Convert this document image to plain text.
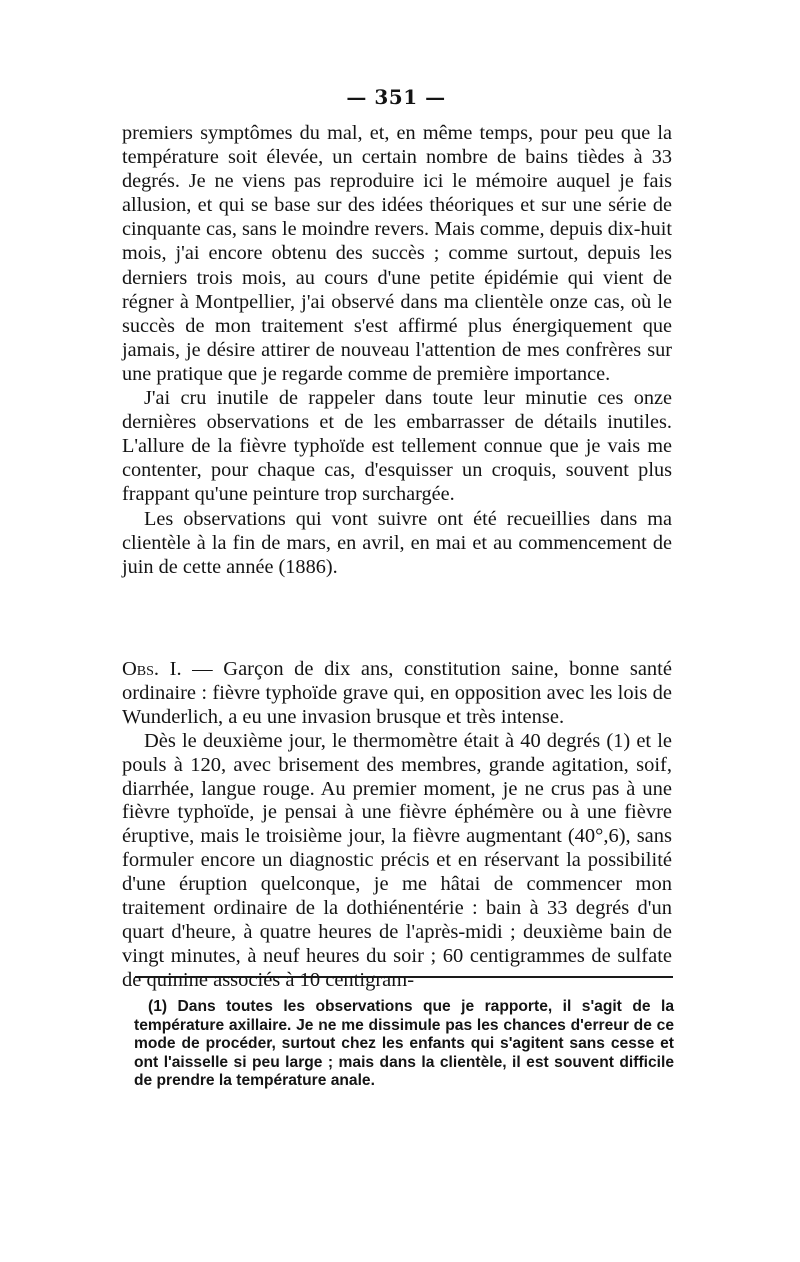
— 351 —

premiers symptômes du mal, et, en même temps, pour peu que la température soit élevée, un certain nombre de bains tièdes à 33 degrés. Je ne viens pas reproduire ici le mémoire auquel je fais allusion, et qui se base sur des idées théoriques et sur une série de cinquante cas, sans le moindre revers. Mais comme, depuis dix-huit mois, j'ai encore obtenu des succès ; comme surtout, depuis les derniers trois mois, au cours d'une petite épidémie qui vient de régner à Montpellier, j'ai observé dans ma clientèle onze cas, où le succès de mon traitement s'est affirmé plus énergiquement que jamais, je désire attirer de nouveau l'attention de mes confrères sur une pratique que je regarde comme de première importance.

J'ai cru inutile de rappeler dans toute leur minutie ces onze dernières observations et de les embarrasser de détails inutiles. L'allure de la fièvre typhoïde est tellement connue que je vais me contenter, pour chaque cas, d'esquisser un croquis, souvent plus frappant qu'une peinture trop surchargée.

Les observations qui vont suivre ont été recueillies dans ma clientèle à la fin de mars, en avril, en mai et au commencement de juin de cette année (1886).

Obs. I. — Garçon de dix ans, constitution saine, bonne santé ordinaire : fièvre typhoïde grave qui, en opposition avec les lois de Wunderlich, a eu une invasion brusque et très intense.

Dès le deuxième jour, le thermomètre était à 40 degrés (1) et le pouls à 120, avec brisement des membres, grande agitation, soif, diarrhée, langue rouge. Au premier moment, je ne crus pas à une fièvre typhoïde, je pensai à une fièvre éphémère ou à une fièvre éruptive, mais le troisième jour, la fièvre augmentant (40°,6), sans formuler encore un diagnostic précis et en réservant la possibilité d'une éruption quelconque, je me hâtai de commencer mon traitement ordinaire de la dothiénentérie : bain à 33 degrés d'un quart d'heure, à quatre heures de l'après-midi ; deuxième bain de vingt minutes, à neuf heures du soir ; 60 centigrammes de sulfate de quinine associés à 10 centigram-

(1) Dans toutes les observations que je rapporte, il s'agit de la température axillaire. Je ne me dissimule pas les chances d'erreur de ce mode de procéder, surtout chez les enfants qui s'agitent sans cesse et ont l'aisselle si peu large ; mais dans la clientèle, il est souvent difficile de prendre la température anale.
